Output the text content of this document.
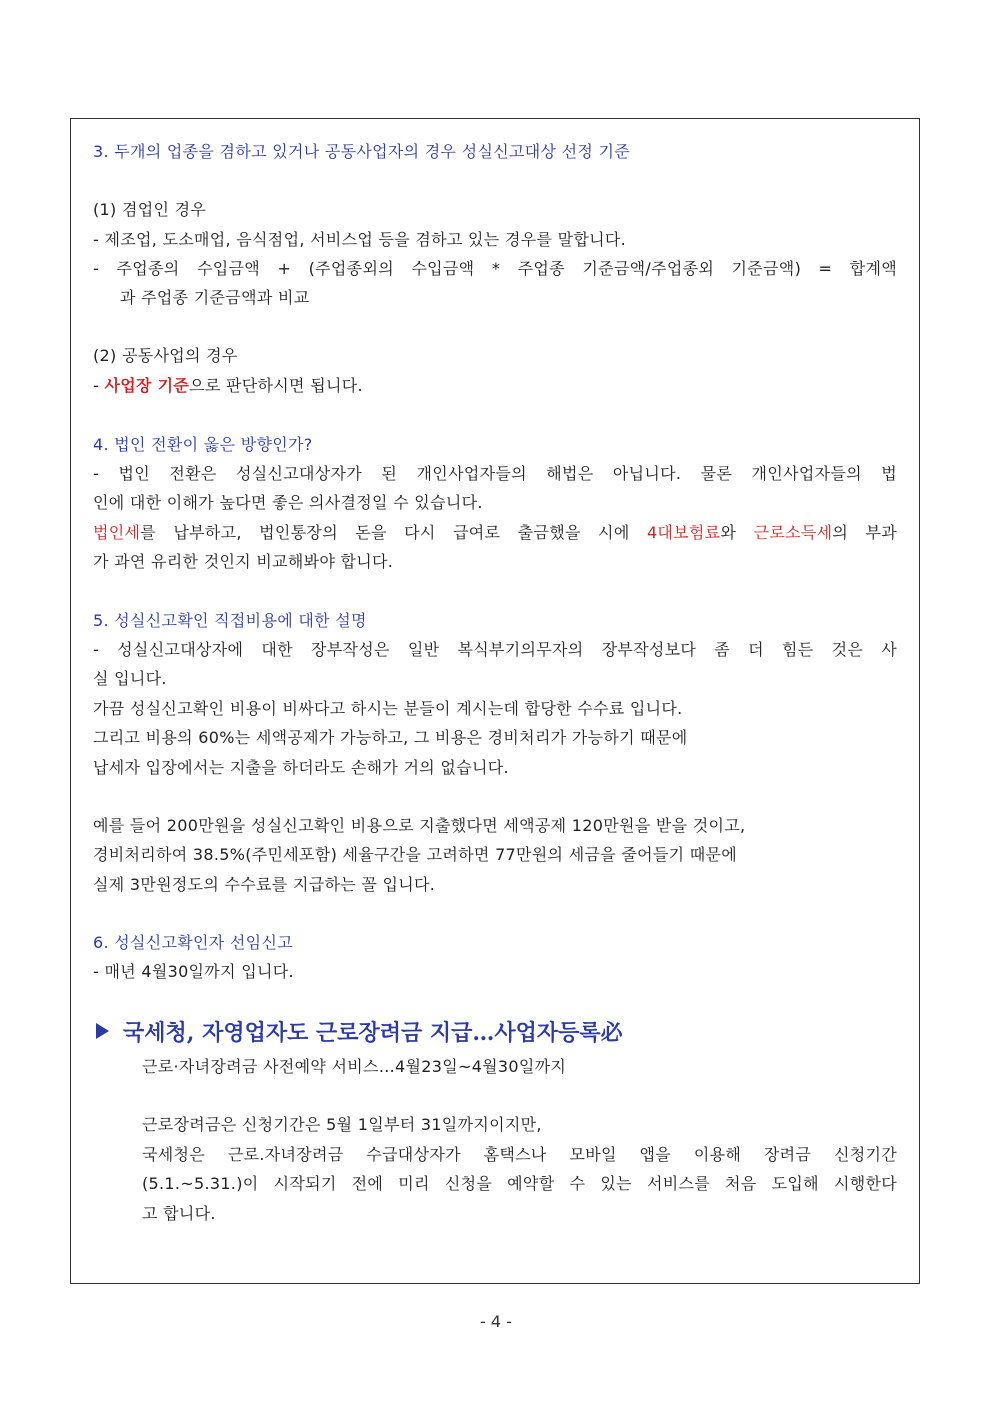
3. 두개의 업종을 겸하고 있거나 공동사업자의 경우 성실신고대상 선정 기준
(1) 겸업인 경우
- 제조업, 도소매업, 음식점업, 서비스업 등을 겸하고 있는 경우를 말합니다.
- 주업종의 수입금액 + (주업종외의 수입금액 * 주업종 기준금액/주업종외 기준금액) = 합계액
과 주업종 기준금액과 비교
(2) 공동사업의 경우
- 사업장 기준으로 판단하시면 됩니다.
4. 법인 전환이 옳은 방향인가?
- 법인 전환은 성실신고대상자가 된 개인사업자들의 해법은 아닙니다. 물론 개인사업자들의 법
인에 대한 이해가 높다면 좋은 의사결정일 수 있습니다.
법인세를 납부하고, 법인통장의 돈을 다시 급여로 출금했을 시에 4대보험료와 근로소득세의 부과
가 과연 유리한 것인지 비교해봐야 합니다.
5. 성실신고확인 직접비용에 대한 설명
- 성실신고대상자에 대한 장부작성은 일반 복식부기의무자의 장부작성보다 좀 더 힘든 것은 사
실 입니다.
가끔 성실신고확인 비용이 비싸다고 하시는 분들이 계시는데 합당한 수수료 입니다.
그리고 비용의 60%는 세액공제가 가능하고, 그 비용은 경비처리가 가능하기 때문에
납세자 입장에서는 지출을 하더라도 손해가 거의 없습니다.
예를 들어 200만원을 성실신고확인 비용으로 지출했다면 세액공제 120만원을 받을 것이고,
경비처리하여 38.5%(주민세포함) 세율구간을 고려하면 77만원의 세금을 줄어들기 때문에
실제 3만원정도의 수수료를 지급하는 꼴 입니다.
6. 성실신고확인자 선임신고
- 매년 4월30일까지 입니다.
국세청, 자영업자도 근로장려금 지급…사업자등록必
근로·자녀장려금 사전예약 서비스…4월23일~4월30일까지
근로장려금은 신청기간은 5월 1일부터 31일까지이지만,
국세청은 근로.자녀장려금 수급대상자가 홈택스나 모바일 앱을 이용해 장려금 신청기간
(5.1.~5.31.)이 시작되기 전에 미리 신청을 예약할 수 있는 서비스를 처음 도입해 시행한다
고 합니다.
- 4 -
